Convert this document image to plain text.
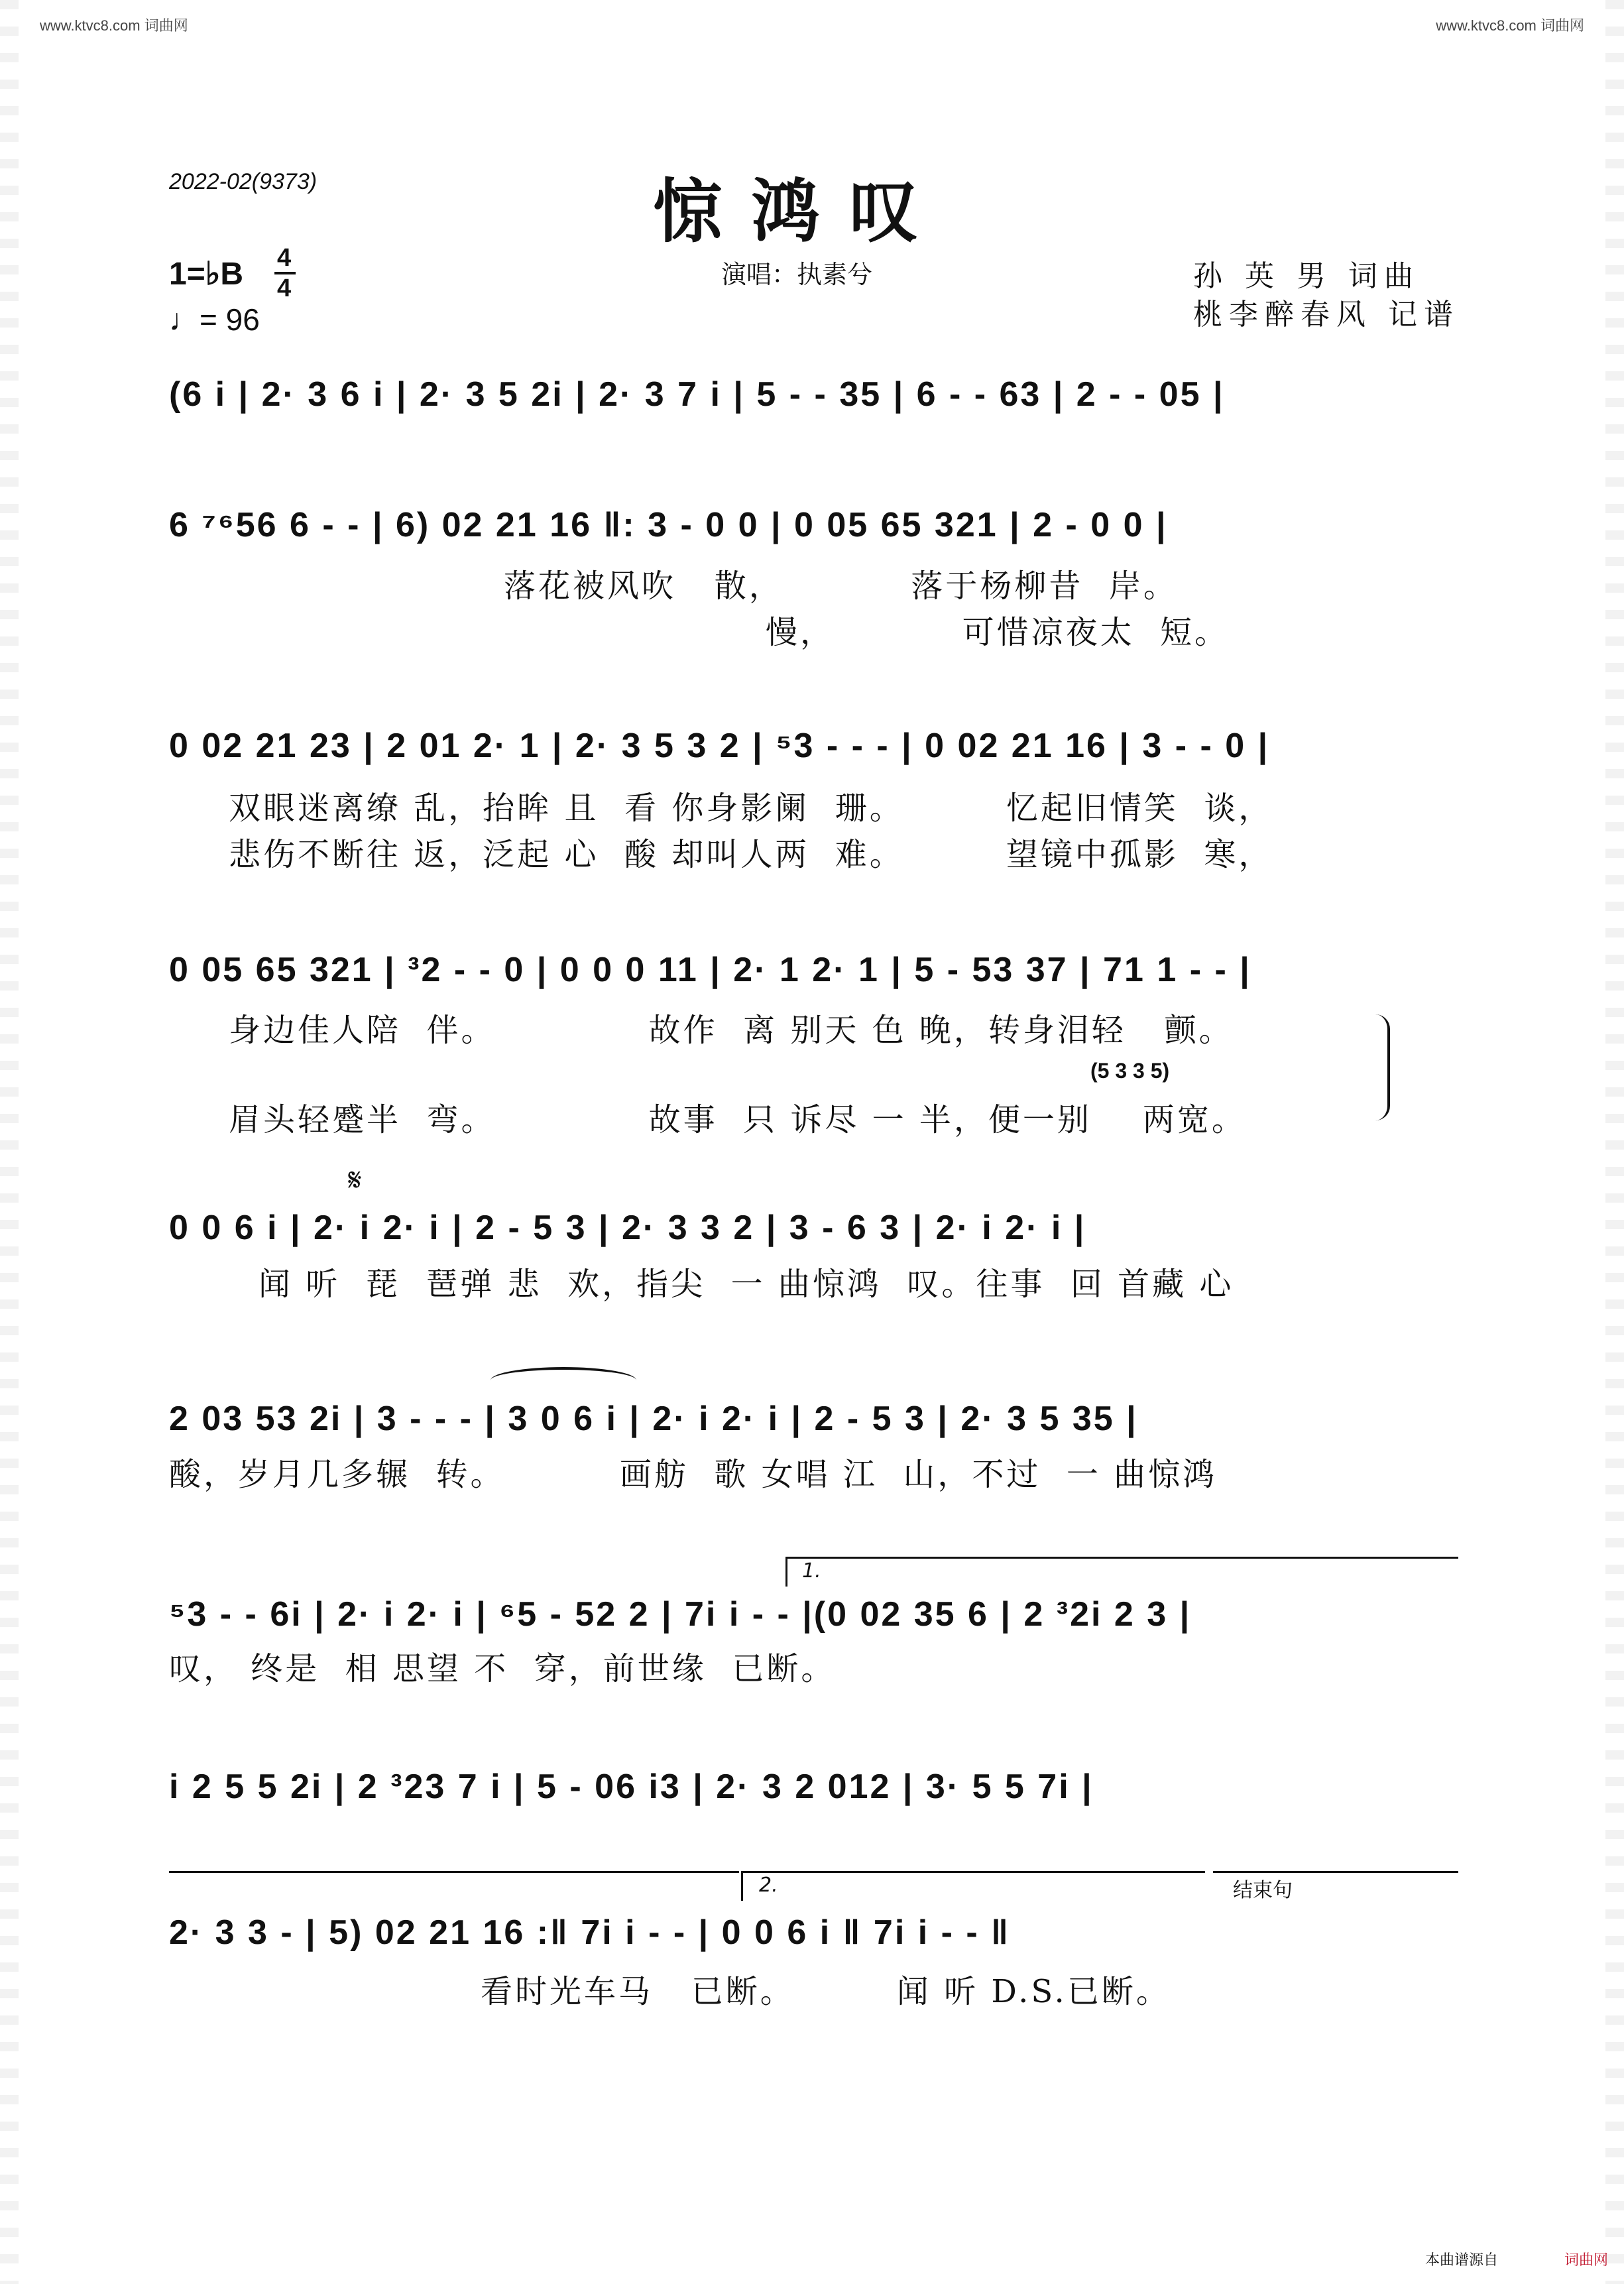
www.ktvc8.com 词曲网	www.ktvc8.com 词曲网
2022-02(9373)	惊鸿叹
演唱：执素兮	孙 英 男 词曲
桃李醉春风 记谱
1=♭B 4
4
♩= 96
(6 i | 2· 3 6 i | 2· 3 5 2i | 2· 3 7 i | 5 - - 35 | 6 - - 63 | 2 - - 05 |
6 ⁷⁶56 6 - - | 6) 02 21 16 ‖: 3 - 0 0 | 0 05 65 321 | 2 - 0 0 |
落花被风吹   散，          落于杨柳昔  岸。
慢，          可惜凉夜太  短。
0 02 21 23 | 2 01 2· 1 | 2· 3 5 3 2 | ⁵3 - - - | 0 02 21 16 | 3 - - 0 |
双眼迷离缭 乱，抬眸 且  看 你身影阑  珊。        忆起旧情笑  谈，
悲伤不断往 返，泛起 心  酸 却叫人两  难。        望镜中孤影  寒，
0 05 65 321 | ³2 - - 0 | 0 0 0 11 | 2· 1 2· 1 | 5 - 53 37 | 71 1 - - |
身边佳人陪  伴。            故作  离 别天 色 晚，转身泪轻   颤。
(5 3 3 5)
眉头轻蹙半  弯。            故事  只 诉尽 一 半，便一别    两宽。
𝄋
0 0 6 i | 2· i 2· i | 2 - 5 3 | 2· 3 3 2 | 3 - 6 3 | 2· i 2· i |
闻 听  琵  琶弹 悲  欢，指尖  一 曲惊鸿  叹。往事  回 首藏 心
2 03 53 2i | 3 - - - | 3 0 6 i | 2· i 2· i | 2 - 5 3 | 2· 3 5 35 |
酸，岁月几多辗  转。         画舫  歌 女唱 江  山，不过  一 曲惊鸿
1.
⁵3 - - 6i | 2· i 2· i | ⁶5 - 52 2 | 7i i - - |(0 02 35 6 | 2 ³2i 2 3 |
叹， 终是  相 思望 不  穿，前世缘  已断。
i 2 5 5 2i | 2 ³23 7 i | 5 - 06 i3 | 2· 3 2 012 | 3· 5 5 7i |
2.	结束句
2· 3 3 - | 5) 02 21 16 :‖ 7i i - - | 0 0 6 i ‖ 7i i - - ‖
看时光车马   已断。        闻 听 D.S.已断。
本曲谱源自	词曲网
